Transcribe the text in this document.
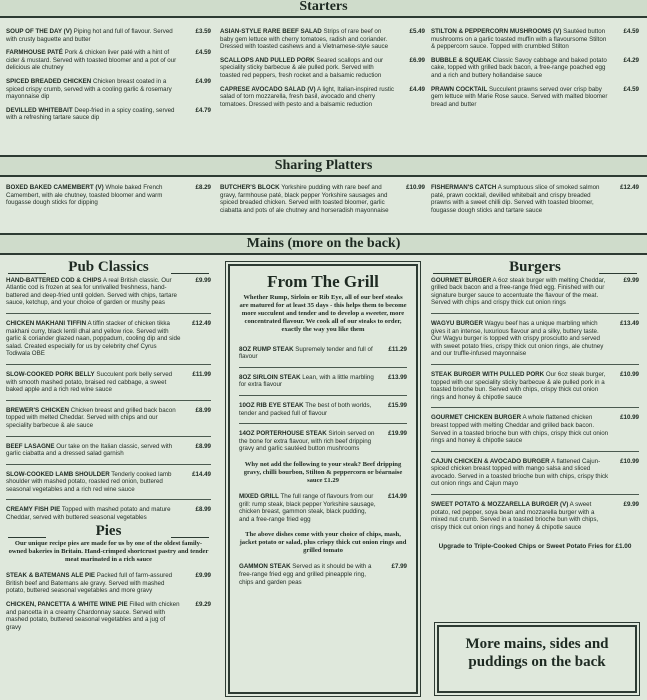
Starters
SOUP OF THE DAY (V) Piping hot and full of flavour. Served with crusty baguette and butter
£3.59
FARMHOUSE PATÉ Pork & chicken liver paté with a hint of cider & mustard. Served with toasted bloomer and a pot of our delicious ale chutney
£4.59
SPICED BREADED CHICKEN Chicken breast coated in a spiced crispy crumb, served with a cooling garlic & rosemary mayonnaise dip
£4.99
DEVILLED WHITEBAIT Deep-fried in a spicy coating, served with a refreshing tartare sauce dip
£4.79
ASIAN-STYLE RARE BEEF SALAD Strips of rare beef on baby gem lettuce with cherry tomatoes, radish and coriander. Dressed with toasted cashews and a Vietnamese-style sauce
£5.49
SCALLOPS AND PULLED PORK Seared scallops and our speciality sticky barbecue & ale pulled pork. Served with toasted red peppers, fresh rocket and a balsamic reduction
£6.99
CAPRESE AVOCADO SALAD (V) A light, Italian-inspired rustic salad of torn mozzarella, fresh basil, avocado and cherry tomatoes. Dressed with pesto and a balsamic reduction
£4.49
STILTON & PEPPERCORN MUSHROOMS (V) Sautéed button mushrooms on a garlic toasted muffin with a flavoursome Stilton & peppercorn sauce. Topped with crumbled Stilton
£4.59
BUBBLE & SQUEAK Classic Savoy cabbage and baked potato cake, topped with grilled back bacon, a free-range poached egg and a rich and buttery hollandaise sauce
£4.29
PRAWN COCKTAIL Succulent prawns served over crisp baby gem lettuce with Marie Rose sauce. Served with malted bloomer bread and butter
£4.59
Sharing Platters
BOXED BAKED CAMEMBERT (V) Whole baked French Camembert, with ale chutney, toasted bloomer and warm fougasse dough sticks for dipping
£8.29 BUTCHER'S BLOCK Yorkshire pudding with rare beef and gravy, farmhouse paté, black pepper Yorkshire sausages and spiced breaded chicken. Served with toasted bloomer, garlic ciabatta and pots of ale chutney and horseradish mayonnaise
£10.99 FISHERMAN'S CATCH A sumptuous slice of smoked salmon paté, prawn cocktail, devilled whitebait and crispy breaded prawns with a sweet chilli dip. Served with toasted bloomer, fougasse dough sticks and tartare sauce
£12.49
Mains (more on the back)
Pub Classics
HAND-BATTERED COD & CHIPS A real British classic. Our Atlantic cod is frozen at sea for unrivalled freshness, hand-battered and deep-fried until golden. Served with chips, tartare sauce, ketchup, and your choice of garden or mushy peas
£9.99
CHICKEN MAKHANI TIFFIN A tiffin stacker of chicken tikka makhani curry, black lentil dhal and yellow rice. Served with garlic & coriander glazed naan, poppadum, cooling dip and side salad. Created especially for us by celebrity chef Cyrus Todiwala OBE
£12.49
SLOW-COOKED PORK BELLY Succulent pork belly served with smooth mashed potato, braised red cabbage, a sweet baked apple and a rich red wine sauce
£11.99
BREWER'S CHICKEN Chicken breast and grilled back bacon topped with melted Cheddar. Served with chips and our speciality barbecue & ale sauce
£8.99
BEEF LASAGNE Our take on the Italian classic, served with garlic ciabatta and a dressed salad garnish
£8.99
SLOW-COOKED LAMB SHOULDER Tenderly cooked lamb shoulder with mashed potato, roasted red onion, buttered seasonal vegetables and a rich red wine sauce
£14.49
CREAMY FISH PIE Topped with mashed potato and mature Cheddar, served with buttered seasonal vegetables
£8.99
Pies
Our unique recipe pies are made for us by one of the oldest family-owned bakeries in Britain. Hand-crimped shortcrust pastry and tender meat marinated in a rich sauce
STEAK & BATEMANS ALE PIE Packed full of farm-assured British beef and Batemans ale gravy. Served with mashed potato, buttered seasonal vegetables and more gravy
£9.99
CHICKEN, PANCETTA & WHITE WINE PIE Filled with chicken and pancetta in a creamy Chardonnay sauce. Served with mashed potato, buttered seasonal vegetables and a jug of gravy
£9.29
From The Grill
Whether Rump, Sirloin or Rib Eye, all of our beef steaks are matured for at least 35 days - this helps them to become more succulent and tender and to develop a sweeter, more concentrated flavour. We cook all of our steaks to order, exactly the way you like them
8OZ RUMP STEAK Supremely tender and full of flavour
£11.29
8OZ SIRLOIN STEAK Lean, with a little marbling for extra flavour
£13.99
10OZ RIB EYE STEAK The best of both worlds, tender and packed full of flavour
£15.99
14OZ PORTERHOUSE STEAK Sirloin served on the bone for extra flavour, with rich beef dripping gravy and garlic sautéed button mushrooms
£19.99
Why not add the following to your steak? Beef dripping gravy, chilli bourbon, Stilton & peppercorn or béarnaise sauce £1.29
MIXED GRILL The full range of flavours from our grill: rump steak, black pepper Yorkshire sausage, chicken breast, gammon steak, black pudding, and a free-range fried egg
£14.99
The above dishes come with your choice of chips, mash, jacket potato or salad, plus crispy thick cut onion rings and grilled tomato
GAMMON STEAK Served as it should be with a free-range fried egg and grilled pineapple ring, chips and garden peas
£7.99
Burgers
GOURMET BURGER A 6oz steak burger with melting Cheddar, grilled back bacon and a free-range fried egg. Finished with our signature burger sauce to accentuate the flavour of the meat. Served with chips and crispy thick cut onion rings
£9.99
WAGYU BURGER Wagyu beef has a unique marbling which gives it an intense, luxurious flavour and a silky, buttery taste. Our Wagyu burger is topped with crispy prosciutto and served with sweet potato fries, crispy thick cut onion rings, ale chutney and our truffle-infused mayonnaise
£13.49
STEAK BURGER WITH PULLED PORK Our 6oz steak burger, topped with our speciality sticky barbecue & ale pulled pork in a toasted brioche bun. Served with chips, crispy thick cut onion rings and honey & chipotle sauce
£10.99
GOURMET CHICKEN BURGER A whole flattened chicken breast topped with melting Cheddar and grilled back bacon. Served in a toasted brioche bun with chips, crispy thick cut onion rings and honey & chipotle sauce
£10.99
CAJUN CHICKEN & AVOCADO BURGER A flattened Cajun-spiced chicken breast topped with mango salsa and sliced avocado. Served in a toasted brioche bun with chips, crispy thick cut onion rings and Cajun mayo
£10.99
SWEET POTATO & MOZZARELLA BURGER (V) A sweet potato, red pepper, soya bean and mozzarella burger with a mixed nut crumb. Served in a toasted brioche bun with chips, crispy thick cut onion rings and honey & chipotle sauce
£9.99
Upgrade to Triple-Cooked Chips or Sweet Potato Fries for £1.00
More mains, sides and puddings on the back
